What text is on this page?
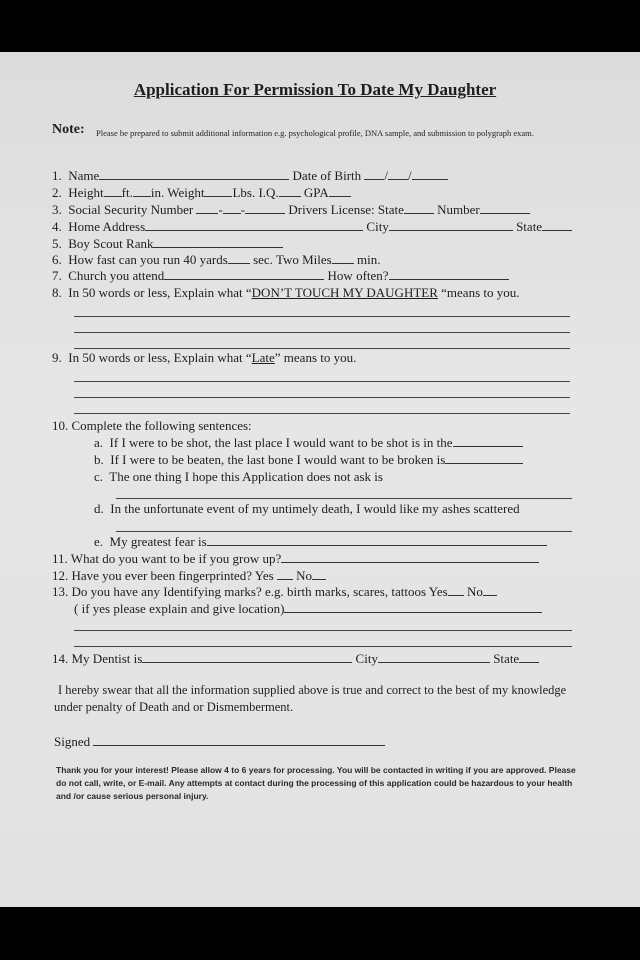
Application For Permission To Date My Daughter
Note:	Please be prepared to submit additional information e.g. psychological profile, DNA sample, and submission to polygraph exam.
1. Name	Date of Birth / /
2. Height ft. in. Weight Lbs. I.Q. GPA
3. Social Security Number - -	Drivers License: State	Number
4. Home Address	City	State
5. Boy Scout Rank
6. How fast can you run 40 yards sec. Two Miles min.
7. Church you attend	How often?
8. In 50 words or less, Explain what “DON’T TOUCH MY DAUGHTER “means to you.
9. In 50 words or less, Explain what “Late” means to you.
10. Complete the following sentences:
a. If I were to be shot, the last place I would want to be shot is in the
b. If I were to be beaten, the last bone I would want to be broken is
c. The one thing I hope this Application does not ask is
d. In the unfortunate event of my untimely death, I would like my ashes scattered
e. My greatest fear is
11. What do you want to be if you grow up?
12. Have you ever been fingerprinted? Yes No
13. Do you have any Identifying marks? e.g. birth marks, scares, tattoos Yes No
( if yes please explain and give location)
14. My Dentist is	City	State
I hereby swear that all the information supplied above is true and correct to the best of my knowledge under penalty of Death and or Dismemberment.
Signed
Thank you for your interest! Please allow 4 to 6 years for processing. You will be contacted in writing if you are approved. Please do not call, write, or E-mail. Any attempts at contact during the processing of this application could be hazardous to your health and /or cause serious personal injury.
